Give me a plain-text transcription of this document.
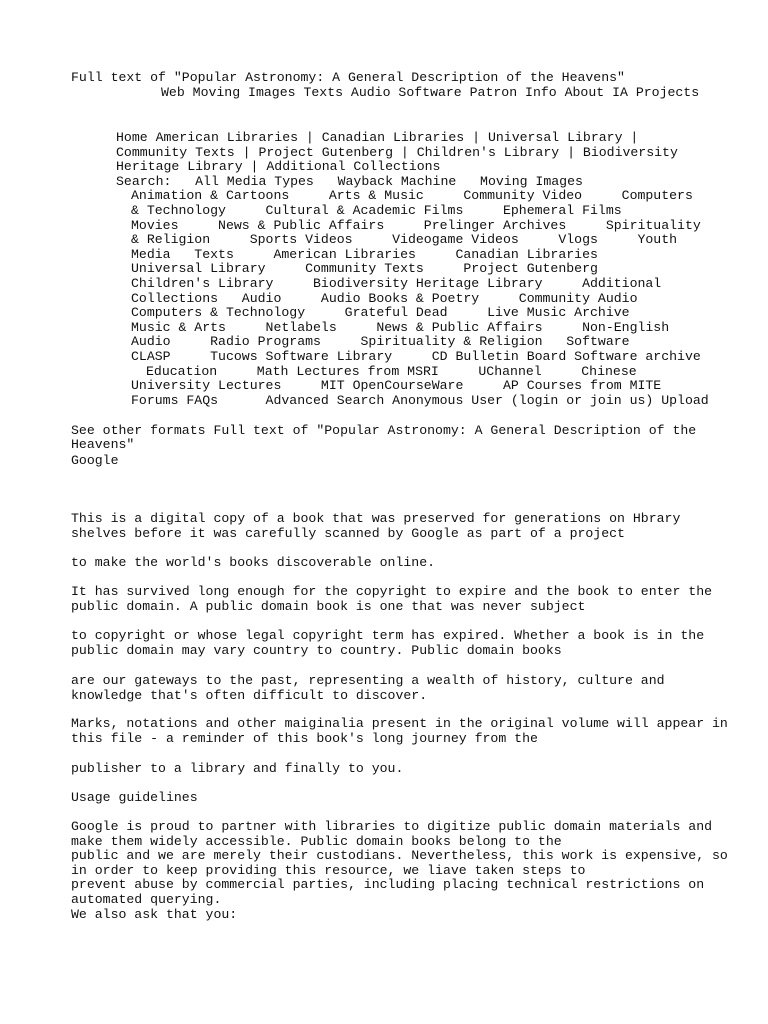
Full text of "Popular Astronomy: A General Description of the Heavens"
Web Moving Images Texts Audio Software Patron Info About IA Projects
Home American Libraries | Canadian Libraries | Universal Library |
Community Texts | Project Gutenberg | Children's Library | Biodiversity
Heritage Library | Additional Collections
Search:   All Media Types   Wayback Machine   Moving Images
Animation & Cartoons     Arts & Music     Community Video     Computers
& Technology     Cultural & Academic Films     Ephemeral Films
Movies     News & Public Affairs     Prelinger Archives     Spirituality
& Religion     Sports Videos     Videogame Videos     Vlogs     Youth
Media   Texts     American Libraries     Canadian Libraries
Universal Library     Community Texts     Project Gutenberg
Children's Library     Biodiversity Heritage Library     Additional
Collections   Audio     Audio Books & Poetry     Community Audio
Computers & Technology     Grateful Dead     Live Music Archive
Music & Arts     Netlabels     News & Public Affairs     Non-English
Audio     Radio Programs     Spirituality & Religion   Software
CLASP     Tucows Software Library     CD Bulletin Board Software archive
Education     Math Lectures from MSRI     UChannel     Chinese
University Lectures     MIT OpenCourseWare     AP Courses from MITE
Forums FAQs      Advanced Search Anonymous User (login or join us) Upload
See other formats Full text of "Popular Astronomy: A General Description of the
Heavens"
Google
This is a digital copy of a book that was preserved for generations on Hbrary
shelves before it was carefully scanned by Google as part of a project
to make the world's books discoverable online.
It has survived long enough for the copyright to expire and the book to enter the
public domain. A public domain book is one that was never subject
to copyright or whose legal copyright term has expired. Whether a book is in the
public domain may vary country to country. Public domain books
are our gateways to the past, representing a wealth of history, culture and
knowledge that's often difficult to discover.
Marks, notations and other maiginalia present in the original volume will appear in
this file - a reminder of this book's long journey from the
publisher to a library and finally to you.
Usage guidelines
Google is proud to partner with libraries to digitize public domain materials and
make them widely accessible. Public domain books belong to the
public and we are merely their custodians. Nevertheless, this work is expensive, so
in order to keep providing this resource, we liave taken steps to
prevent abuse by commercial parties, including placing technical restrictions on
automated querying.
We also ask that you:
